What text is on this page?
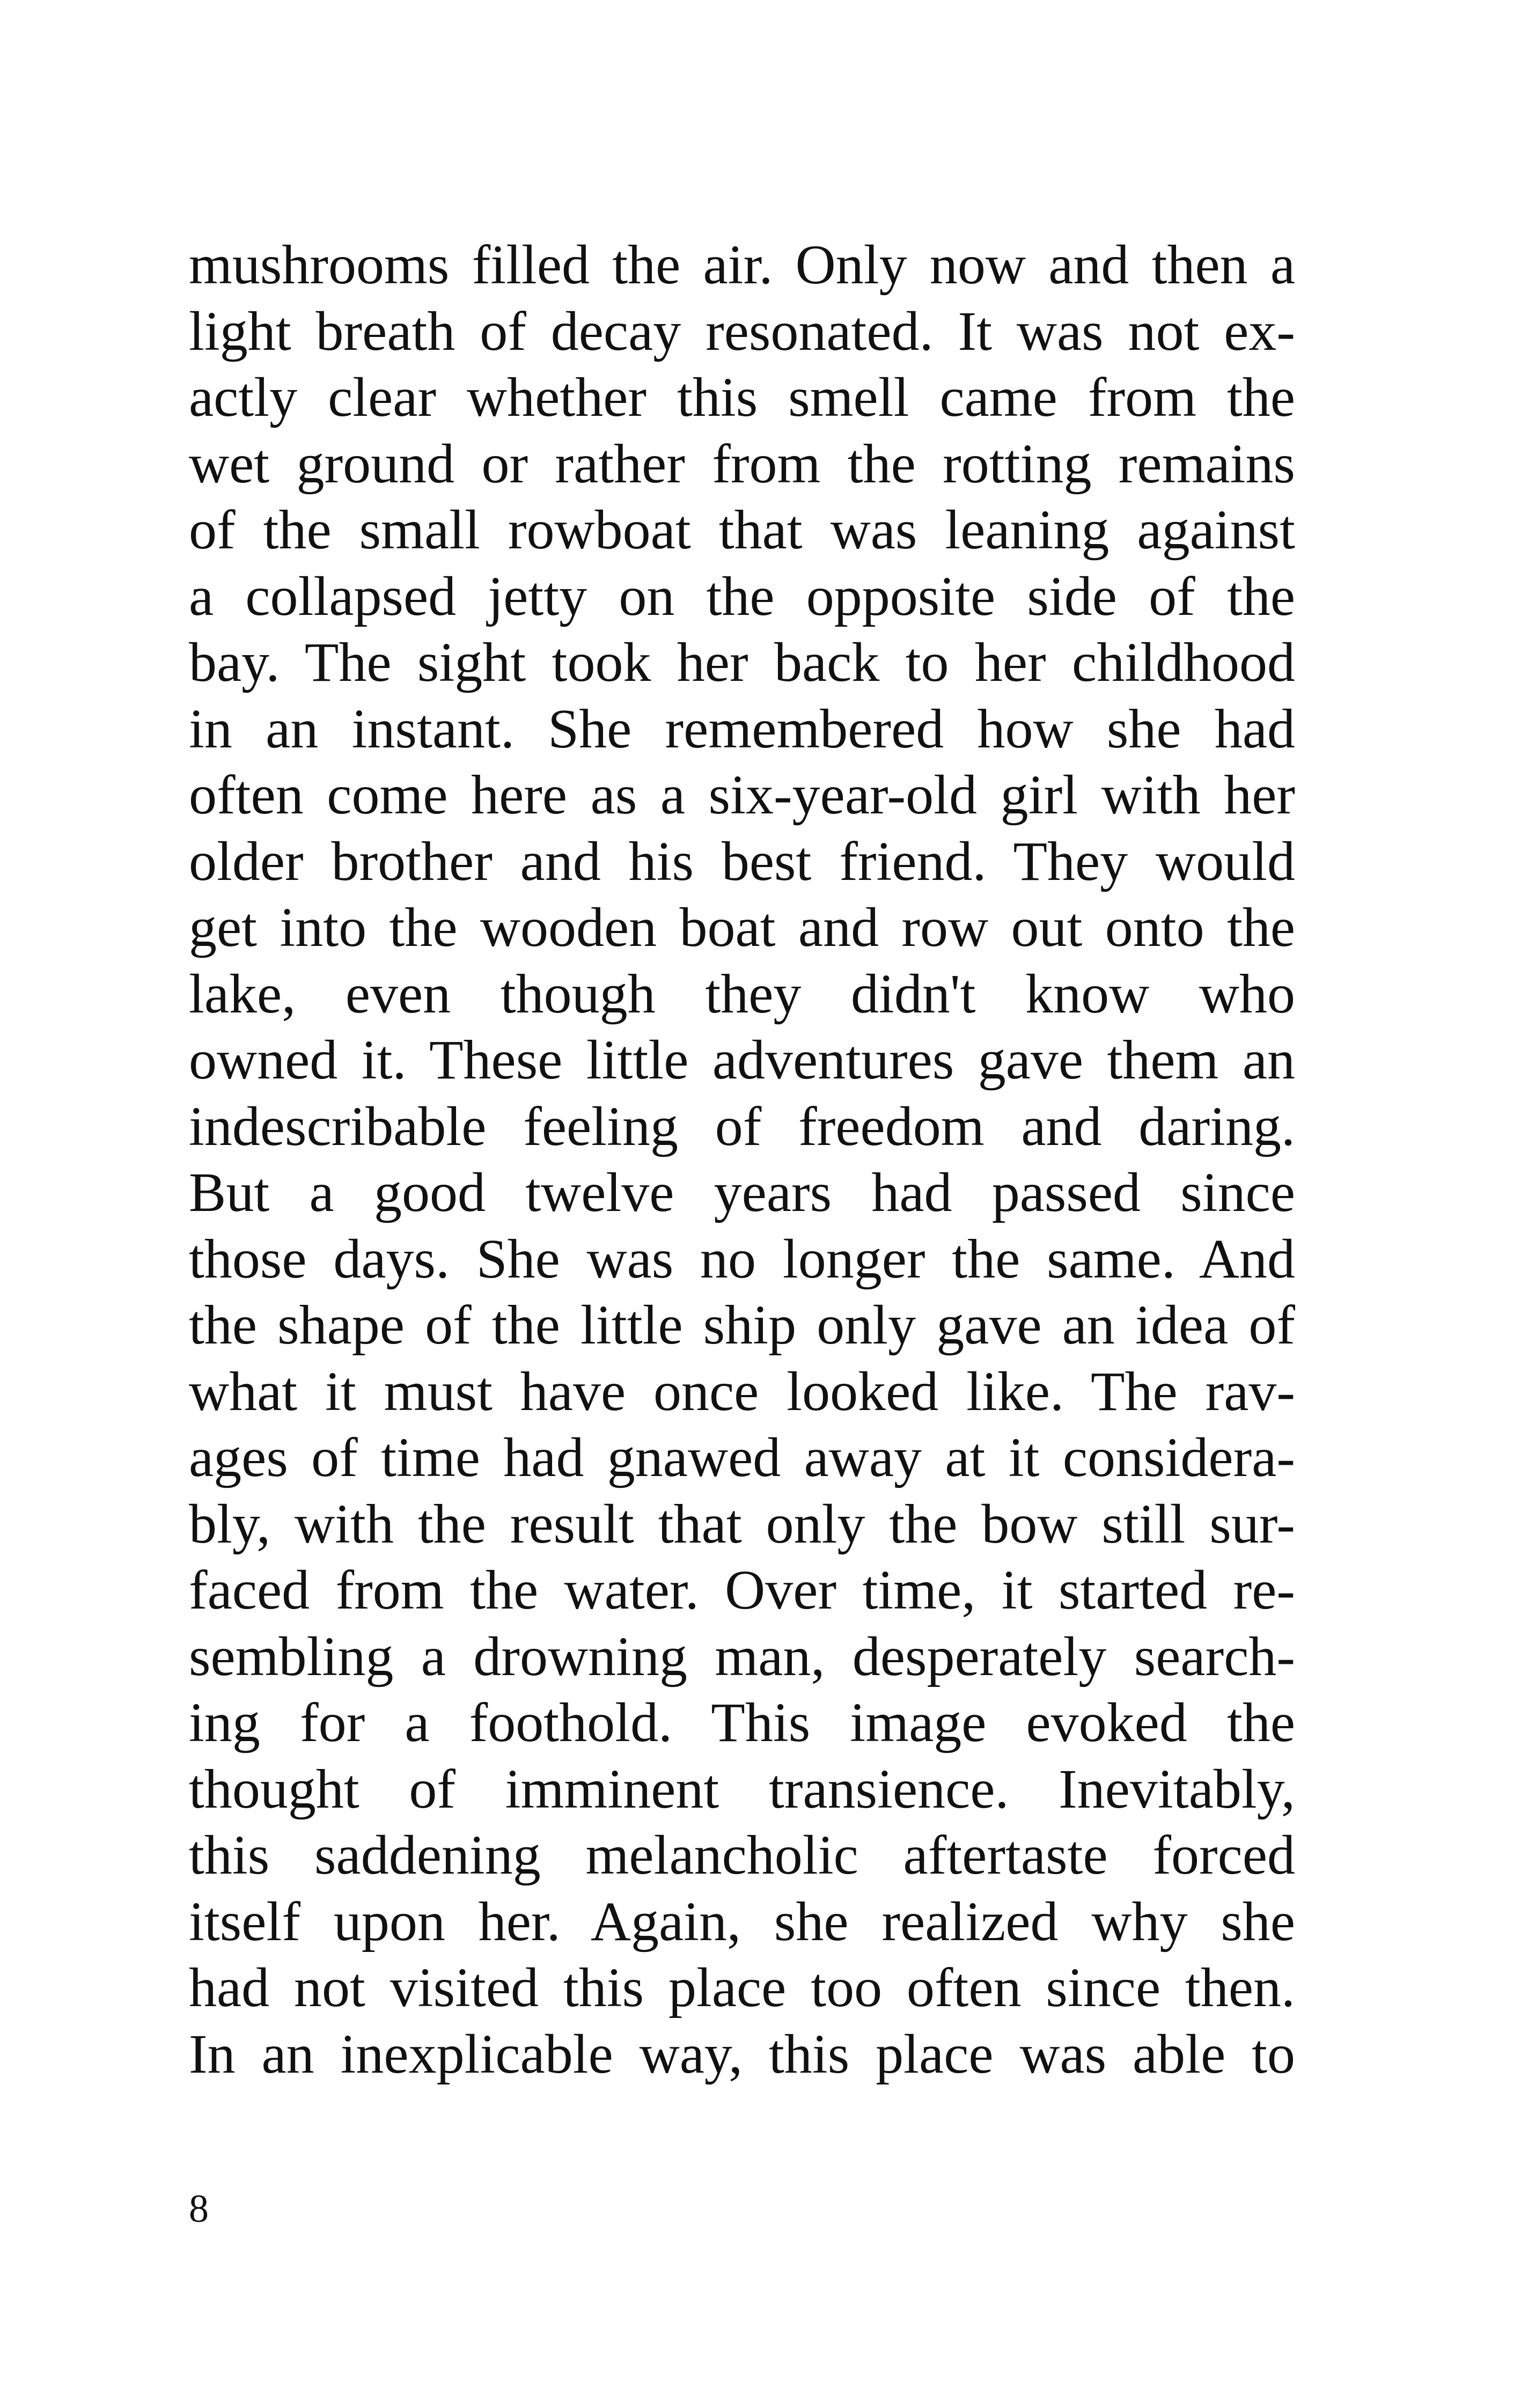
mushrooms filled the air. Only now and then a
light breath of decay resonated. It was not ex-
actly clear whether this smell came from the
wet ground or rather from the rotting remains
of the small rowboat that was leaning against
a collapsed jetty on the opposite side of the
bay. The sight took her back to her childhood
in an instant. She remembered how she had
often come here as a six-year-old girl with her
older brother and his best friend. They would
get into the wooden boat and row out onto the
lake, even though they didn't know who
owned it. These little adventures gave them an
indescribable feeling of freedom and daring.
But a good twelve years had passed since
those days. She was no longer the same. And
the shape of the little ship only gave an idea of
what it must have once looked like. The rav-
ages of time had gnawed away at it considera-
bly, with the result that only the bow still sur-
faced from the water. Over time, it started re-
sembling a drowning man, desperately search-
ing for a foothold. This image evoked the
thought of imminent transience. Inevitably,
this saddening melancholic aftertaste forced
itself upon her. Again, she realized why she
had not visited this place too often since then.
In an inexplicable way, this place was able to
8
